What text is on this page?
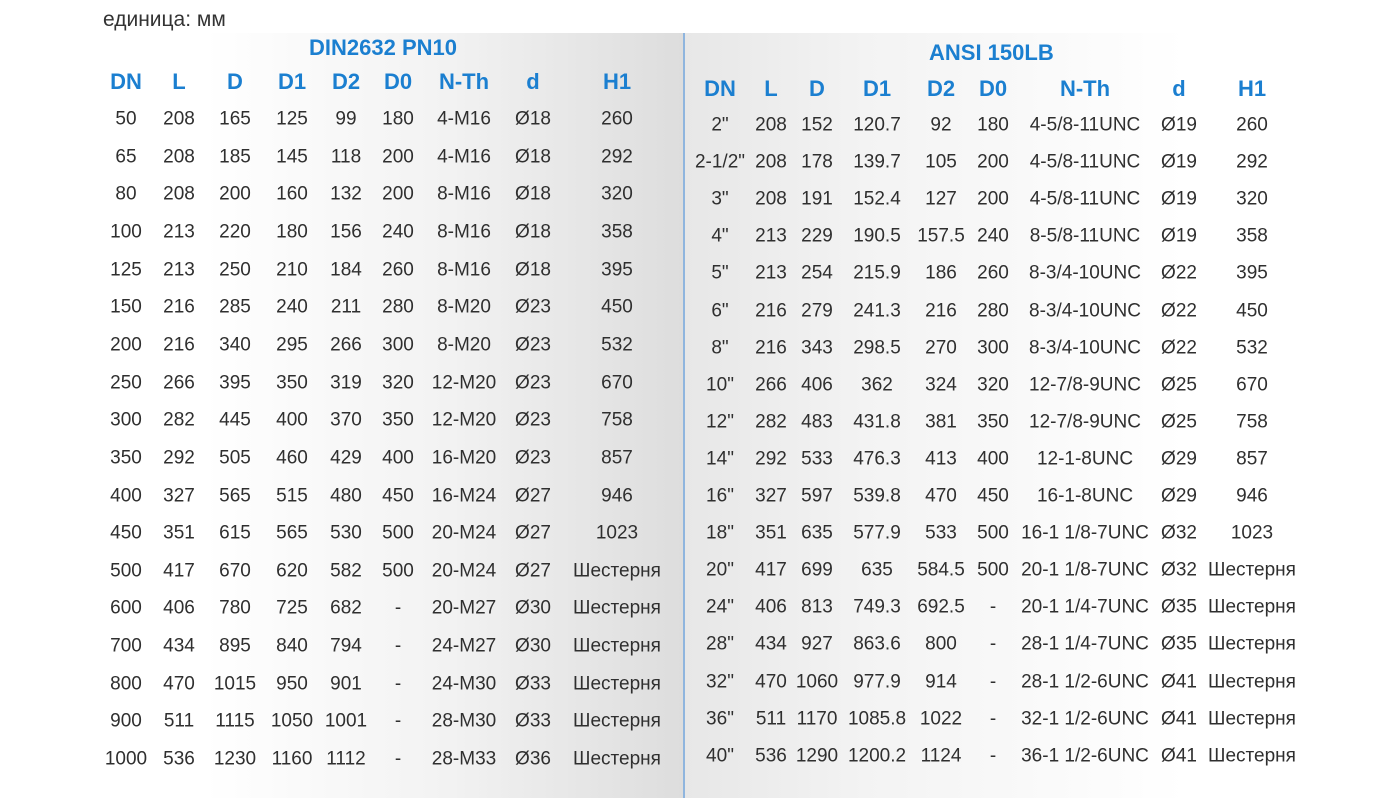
единица: мм
DIN2632 PN10	ANSI 150LB
DN L D D1 D2 D0 N-Th d	H1
50 208 165 125 99 180 4-M16 Ø18	260
65 208 185 145 118 200 4-M16 Ø18	292
80 208 200 160 132 200 8-M16 Ø18	320
100 213 220 180 156 240 8-M16 Ø18	358
125 213 250 210 184 260 8-M16 Ø18	395
150 216 285 240 211 280 8-M20 Ø23	450
200 216 340 295 266 300 8-M20 Ø23	532
250 266 395 350 319 320 12-M20 Ø23	670
300 282 445 400 370 350 12-M20 Ø23	758
350 292 505 460 429 400 16-M20 Ø23	857
400 327 565 515 480 450 16-M24 Ø27	946
450 351 615 565 530 500 20-M24 Ø27 1023
500 417 670 620 582 500 20-M24 Ø27 Шестерня
600 406 780 725 682 - 20-M27 Ø30 Шестерня
700 434 895 840 794 - 24-M27 Ø30 Шестерня
800 470 1015 950 901 - 24-M30 Ø33 Шестерня
900 511 1115 1050 1001 - 28-M30 Ø33 Шестерня
1000 536 1230 1160 1112 - 28-M33 Ø36 Шестерня
DN L D D1 D2 D0 N-Th	d H1
2" 208 152 120.7 92 180 4-5/8-11UNC Ø19 260
2-1/2" 208 178 139.7 105 200 4-5/8-11UNC Ø19 292
3" 208 191 152.4 127 200 4-5/8-11UNC Ø19 320
4" 213 229 190.5 157.5 240 8-5/8-11UNC Ø19 358
5" 213 254 215.9 186 260 8-3/4-10UNC Ø22 395
6" 216 279 241.3 216 280 8-3/4-10UNC Ø22 450
8" 216 343 298.5 270 300 8-3/4-10UNC Ø22 532
10" 266 406 362 324 320 12-7/8-9UNC Ø25 670
12" 282 483 431.8 381 350 12-7/8-9UNC Ø25 758
14" 292 533 476.3 413 400 12-1-8UNC Ø29 857
16" 327 597 539.8 470 450 16-1-8UNC Ø29 946
18" 351 635 577.9 533 500 16-1 1/8-7UNC Ø32 1023
20" 417 699 635 584.5 500 20-1 1/8-7UNC Ø32 Шестерня
24" 406 813 749.3 692.5 - 20-1 1/4-7UNC Ø35 Шестерня
28" 434 927 863.6 800 - 28-1 1/4-7UNC Ø35 Шестерня
32" 470 1060 977.9 914 - 28-1 1/2-6UNC Ø41 Шестерня
36" 511 1170 1085.8 1022 - 32-1 1/2-6UNC Ø41 Шестерня
40" 536 1290 1200.2 1124 - 36-1 1/2-6UNC Ø41 Шестерня
